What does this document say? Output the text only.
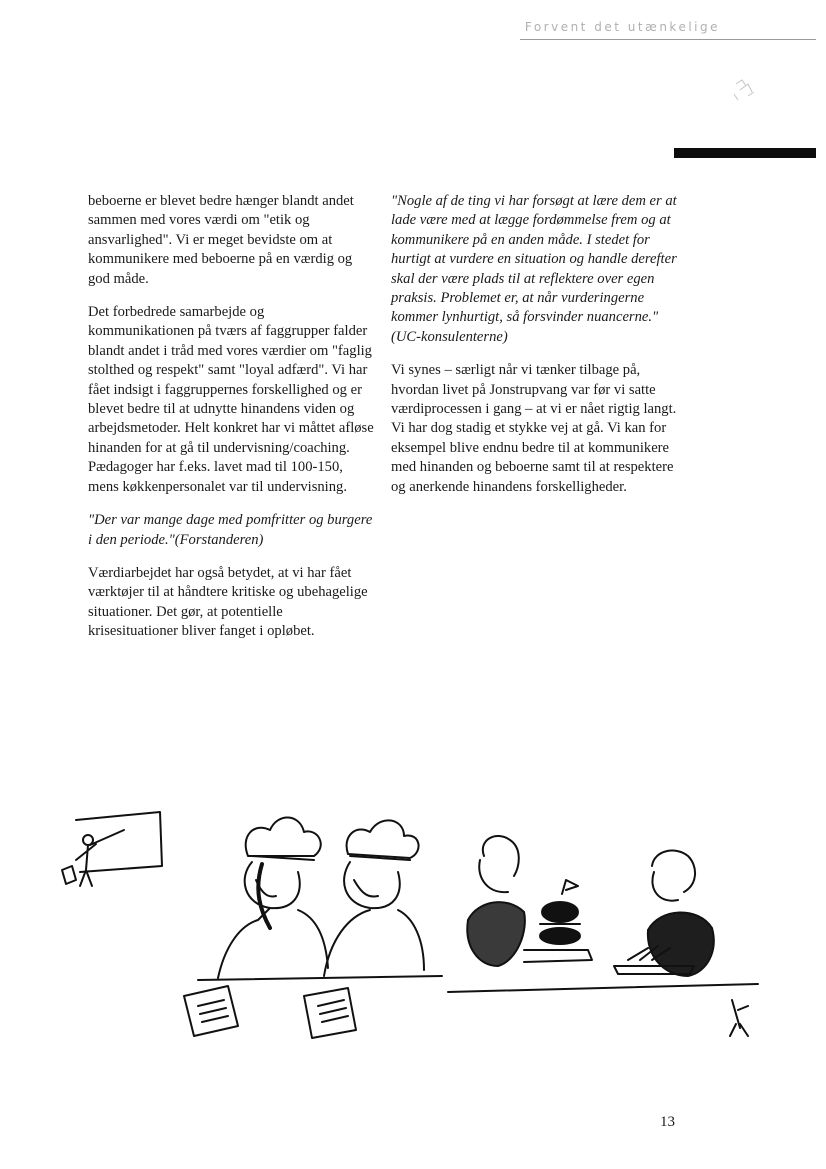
Forvent det utænkelige

beboerne er blevet bedre hænger blandt andet sammen med vores værdi om "etik og ansvarlighed". Vi er meget bevidste om at kommunikere med beboerne på en værdig og god måde.

Det forbedrede samarbejde og kommunikationen på tværs af faggrupper falder blandt andet i tråd med vores værdier om "faglig stolthed og respekt" samt "loyal adfærd". Vi har fået indsigt i faggruppernes forskellighed og er blevet bedre til at udnytte hinandens viden og arbejdsmetoder. Helt konkret har vi måttet afløse hinanden for at gå til undervisning/coaching. Pædagoger har f.eks. lavet mad til 100-150, mens køkkenpersonalet var til undervisning.

"Der var mange dage med pomfritter og burgere i den periode."(Forstanderen)

Værdiarbejdet har også betydet, at vi har fået værktøjer til at håndtere kritiske og ubehagelige situationer. Det gør, at potentielle krisesituationer bliver fanget i opløbet.

"Nogle af de ting vi har forsøgt at lære dem er at lade være med at lægge fordømmelse frem og at kommunikere på en anden måde. I stedet for hurtigt at vurdere en situation og handle derefter skal der være plads til at reflektere over egen praksis. Problemet er, at når vurderingerne kommer lynhurtigt, så forsvinder nuancerne." (UC-konsulenterne)

Vi synes – særligt når vi tænker tilbage på, hvordan livet på Jonstrupvang var før vi satte værdiprocessen i gang – at vi er nået rigtig langt. Vi har dog stadig et stykke vej at gå. Vi kan for eksempel blive endnu bedre til at kommunikere med hinanden og beboerne samt til at respektere og anerkende hinandens forskelligheder.

13
